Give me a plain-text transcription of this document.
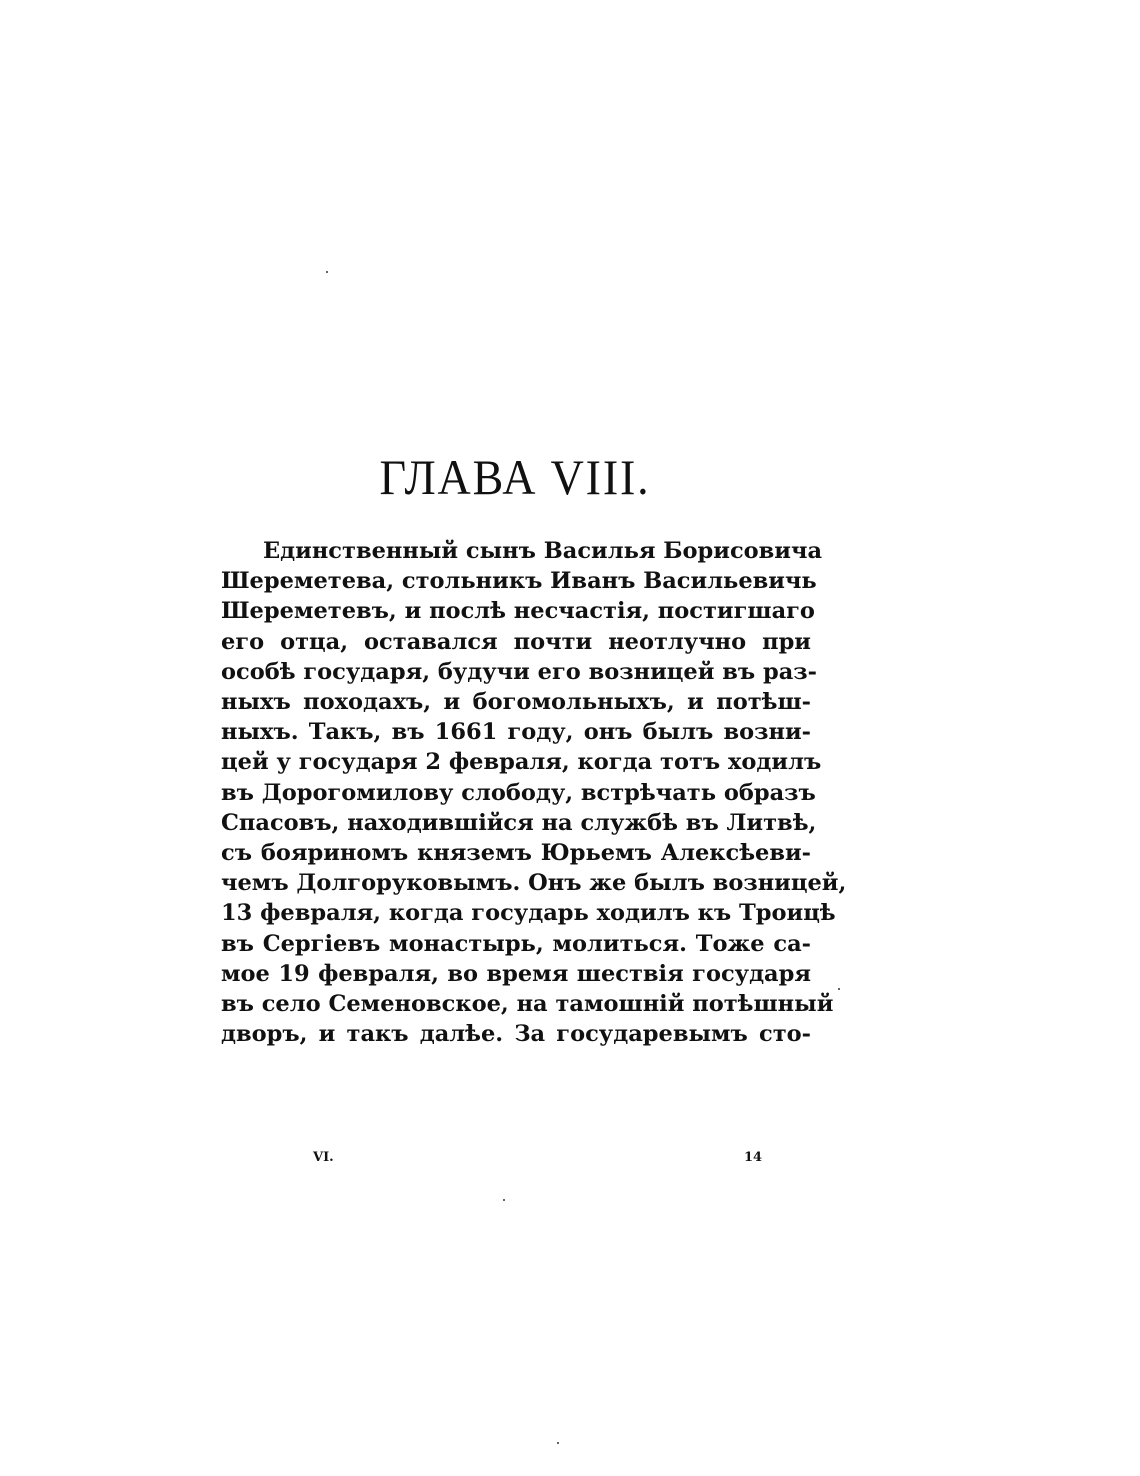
ГЛАВА VIII.
Единственный сынъ Василья Борисовича
Шереметева, стольникъ Иванъ Васильевичь
Шереметевъ, и послѣ несчастія, постигшаго
его отца, оставался почти неотлучно при
особѣ государя, будучи его возницей въ раз-
ныхъ походахъ, и богомольныхъ, и потѣш-
ныхъ. Такъ, въ 1661 году, онъ былъ возни-
цей у государя 2 февраля, когда тотъ ходилъ
въ Дорогомилову слободу, встрѣчать образъ
Спасовъ, находившійся на службѣ въ Литвѣ,
съ бояриномъ княземъ Юрьемъ Алексѣеви-
чемъ Долгоруковымъ. Онъ же былъ возницей,
13 февраля, когда государь ходилъ къ Троицѣ
въ Сергіевъ монастырь, молиться. Тоже са-
мое 19 февраля, во время шествія государя
въ село Семеновское, на тамошній потѣшный
дворъ, и такъ далѣе. За государевымъ сто-
VI.	14
